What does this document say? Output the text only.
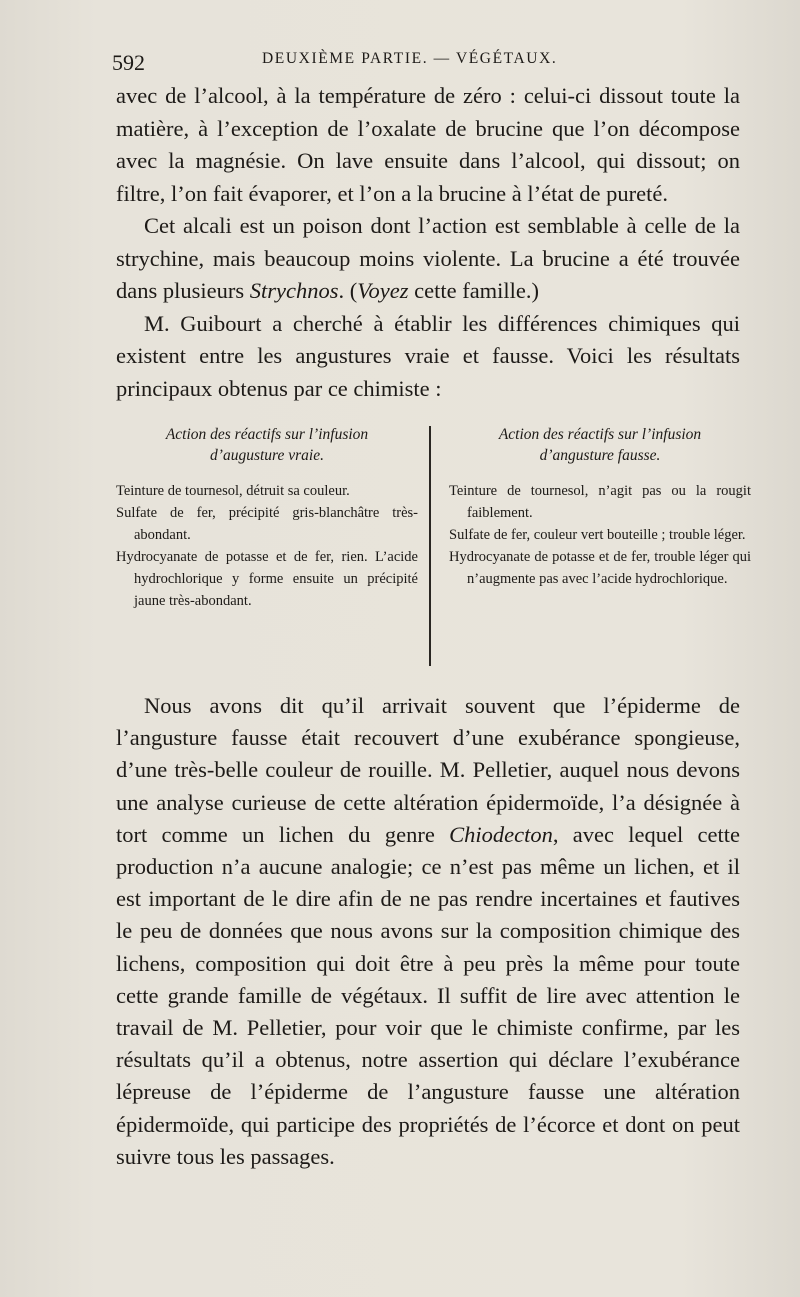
592	DEUXIÈME PARTIE. — VÉGÉTAUX.

avec de l’alcool, à la température de zéro : celui-ci dissout toute la matière, à l’exception de l’oxalate de brucine que l’on décompose avec la magnésie. On lave ensuite dans l’alcool, qui dissout; on filtre, l’on fait évaporer, et l’on a la brucine à l’état de pureté.

Cet alcali est un poison dont l’action est semblable à celle de la strychine, mais beaucoup moins violente. La brucine a été trouvée dans plusieurs Strychnos. (Voyez cette famille.)

M. Guibourt a cherché à établir les différences chimiques qui existent entre les angustures vraie et fausse. Voici les résultats principaux obtenus par ce chimiste :

Action des réactifs sur l’infusion
d’augusture vraie.

Teinture de tournesol, détruit sa couleur.

Sulfate de fer, précipité gris-blanchâtre très-abondant.

Hydrocyanate de potasse et de fer, rien. L’acide hydrochlorique y forme ensuite un précipité jaune très-abondant.

Action des réactifs sur l’infusion
d’angusture fausse.

Teinture de tournesol, n’agit pas ou la rougit faiblement.

Sulfate de fer, couleur vert bouteille ; trouble léger.

Hydrocyanate de potasse et de fer, trouble léger qui n’augmente pas avec l’acide hydrochlorique.

Nous avons dit qu’il arrivait souvent que l’épiderme de l’angusture fausse était recouvert d’une exubérance spongieuse, d’une très-belle couleur de rouille. M. Pelletier, auquel nous devons une analyse curieuse de cette altération épidermoïde, l’a désignée à tort comme un lichen du genre Chiodecton, avec lequel cette production n’a aucune analogie; ce n’est pas même un lichen, et il est important de le dire afin de ne pas rendre incertaines et fautives le peu de données que nous avons sur la composition chimique des lichens, composition qui doit être à peu près la même pour toute cette grande famille de végétaux. Il suffit de lire avec attention le travail de M. Pelletier, pour voir que le chimiste confirme, par les résultats qu’il a obtenus, notre assertion qui déclare l’exubérance lépreuse de l’épiderme de l’angusture fausse une altération épidermoïde, qui participe des propriétés de l’écorce et dont on peut suivre tous les passages.
